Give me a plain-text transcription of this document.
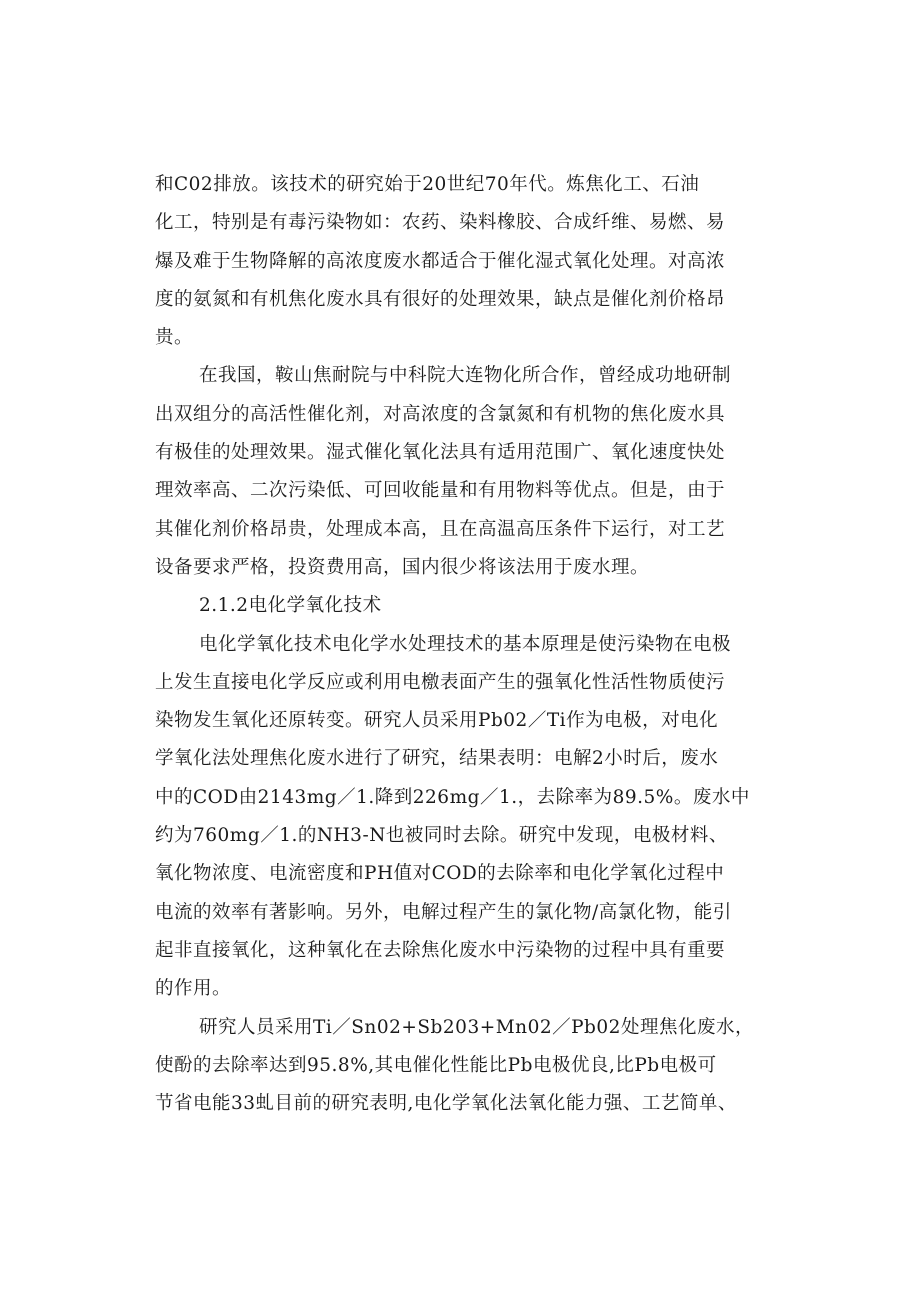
和C02排放。该技术的研究始于20世纪70年代。炼焦化工、石油
化工，特别是有毒污染物如：农药、染料橡胶、合成纤维、易燃、易
爆及难于生物降解的高浓度废水都适合于催化湿式氧化处理。对高浓
度的氨氮和有机焦化废水具有很好的处理效果，缺点是催化剂价格昂
贵。
在我国，鞍山焦耐院与中科院大连物化所合作，曾经成功地研制
出双组分的高活性催化剂，对高浓度的含氯氮和有机物的焦化废水具
有极佳的处理效果。湿式催化氧化法具有适用范围广、氧化速度快处
理效率高、二次污染低、可回收能量和有用物料等优点。但是，由于
其催化剂价格昂贵，处理成本高，且在高温高压条件下运行，对工艺
设备要求严格，投资费用高，国内很少将该法用于废水理。
2.1.2电化学氧化技术
电化学氧化技术电化学水处理技术的基本原理是使污染物在电极
上发生直接电化学反应或利用电檄表面产生的强氧化性活性物质使污
染物发生氧化还原转变。研究人员采用Pb02／Ti作为电极，对电化
学氧化法处理焦化废水进行了研究，结果表明：电解2小时后，废水
中的COD由2143mg／1.降到226mg／1.，去除率为89.5%。废水中
约为760mg／1.的NH3-N也被同时去除。研究中发现，电极材料、
氧化物浓度、电流密度和PH值对COD的去除率和电化学氧化过程中
电流的效率有著影响。另外，电解过程产生的氯化物/高氯化物，能引
起非直接氧化，这种氧化在去除焦化废水中污染物的过程中具有重要
的作用。
研究人员采用Ti／Sn02+Sb203+Mn02／Pb02处理焦化废水，
使酚的去除率达到95.8%,其电催化性能比Pb电极优良,比Pb电极可
节省电能33虬目前的研究表明,电化学氧化法氧化能力强、工艺简单、
